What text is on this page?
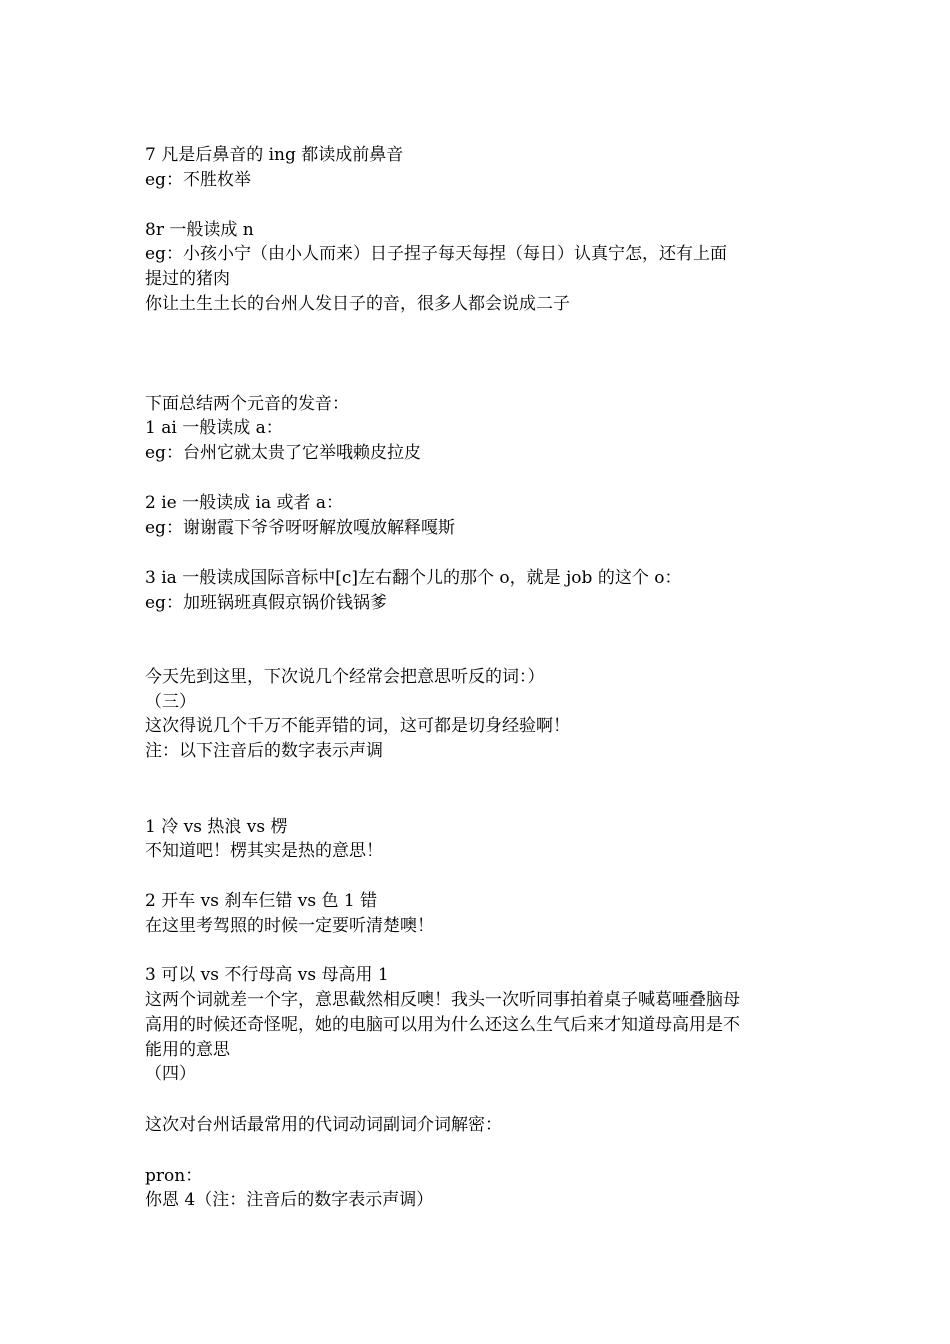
7 凡是后鼻音的 ing 都读成前鼻音
eg：不胜枚举
8r 一般读成 n
eg：小孩小宁（由小人而来）日子捏子每天每捏（每日）认真宁怎，还有上面
提过的猪肉
你让土生土长的台州人发日子的音，很多人都会说成二子
下面总结两个元音的发音：
1 ai 一般读成 a：
eg：台州它就太贵了它举哦赖皮拉皮
2 ie 一般读成 ia 或者 a：
eg：谢谢霞下爷爷呀呀解放嘎放解释嘎斯
3 ia 一般读成国际音标中[c]左右翻个儿的那个 o，就是 job 的这个 o：
eg：加班锅班真假京锅价钱锅爹
今天先到这里，下次说几个经常会把意思听反的词：）
（三）
这次得说几个千万不能弄错的词，这可都是切身经验啊！
注：以下注音后的数字表示声调
1 冷 vs 热浪 vs 楞
不知道吧！楞其实是热的意思！
2 开车 vs 刹车仨错 vs 色 1 错
在这里考驾照的时候一定要听清楚噢！
3 可以 vs 不行母高 vs 母高用 1
这两个词就差一个字，意思截然相反噢！我头一次听同事拍着桌子喊葛唖叠脑母
高用的时候还奇怪呢，她的电脑可以用为什么还这么生气后来才知道母高用是不
能用的意思
（四）
这次对台州话最常用的代词动词副词介词解密：
pron：
你恩 4（注：注音后的数字表示声调）
